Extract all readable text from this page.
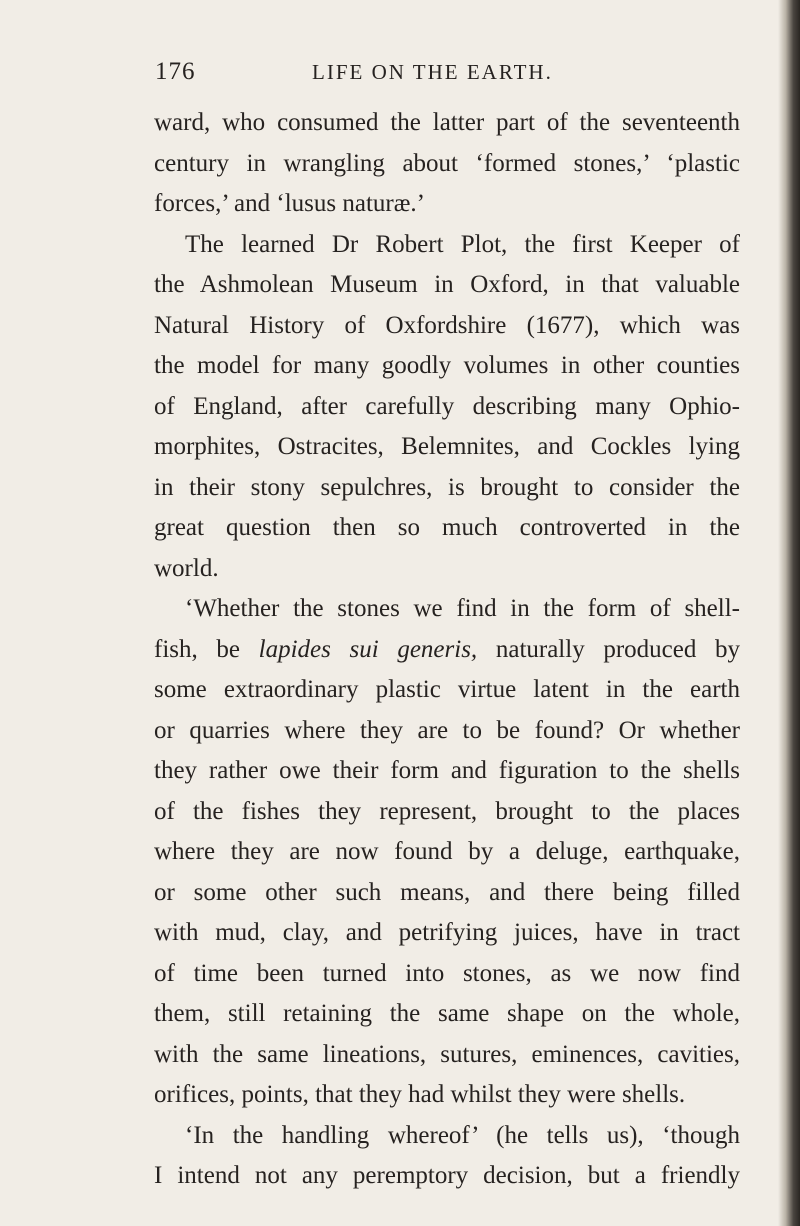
176	LIFE ON THE EARTH.

ward, who consumed the latter part of the seventeenth

century in wrangling about ‘formed stones,’ ‘plastic

forces,’ and ‘lusus naturæ.’

The learned Dr Robert Plot, the first Keeper of

the Ashmolean Museum in Oxford, in that valuable

Natural History of Oxfordshire (1677), which was

the model for many goodly volumes in other counties

of England, after carefully describing many Ophio-

morphites, Ostracites, Belemnites, and Cockles lying

in their stony sepulchres, is brought to consider the

great question then so much controverted in the

world.

‘Whether the stones we find in the form of shell-

fish, be lapides sui generis, naturally produced by

some extraordinary plastic virtue latent in the earth

or quarries where they are to be found? Or whether

they rather owe their form and figuration to the shells

of the fishes they represent, brought to the places

where they are now found by a deluge, earthquake,

or some other such means, and there being filled

with mud, clay, and petrifying juices, have in tract

of time been turned into stones, as we now find

them, still retaining the same shape on the whole,

with the same lineations, sutures, eminences, cavities,

orifices, points, that they had whilst they were shells.

‘In the handling whereof’ (he tells us), ‘though

I intend not any peremptory decision, but a friendly
